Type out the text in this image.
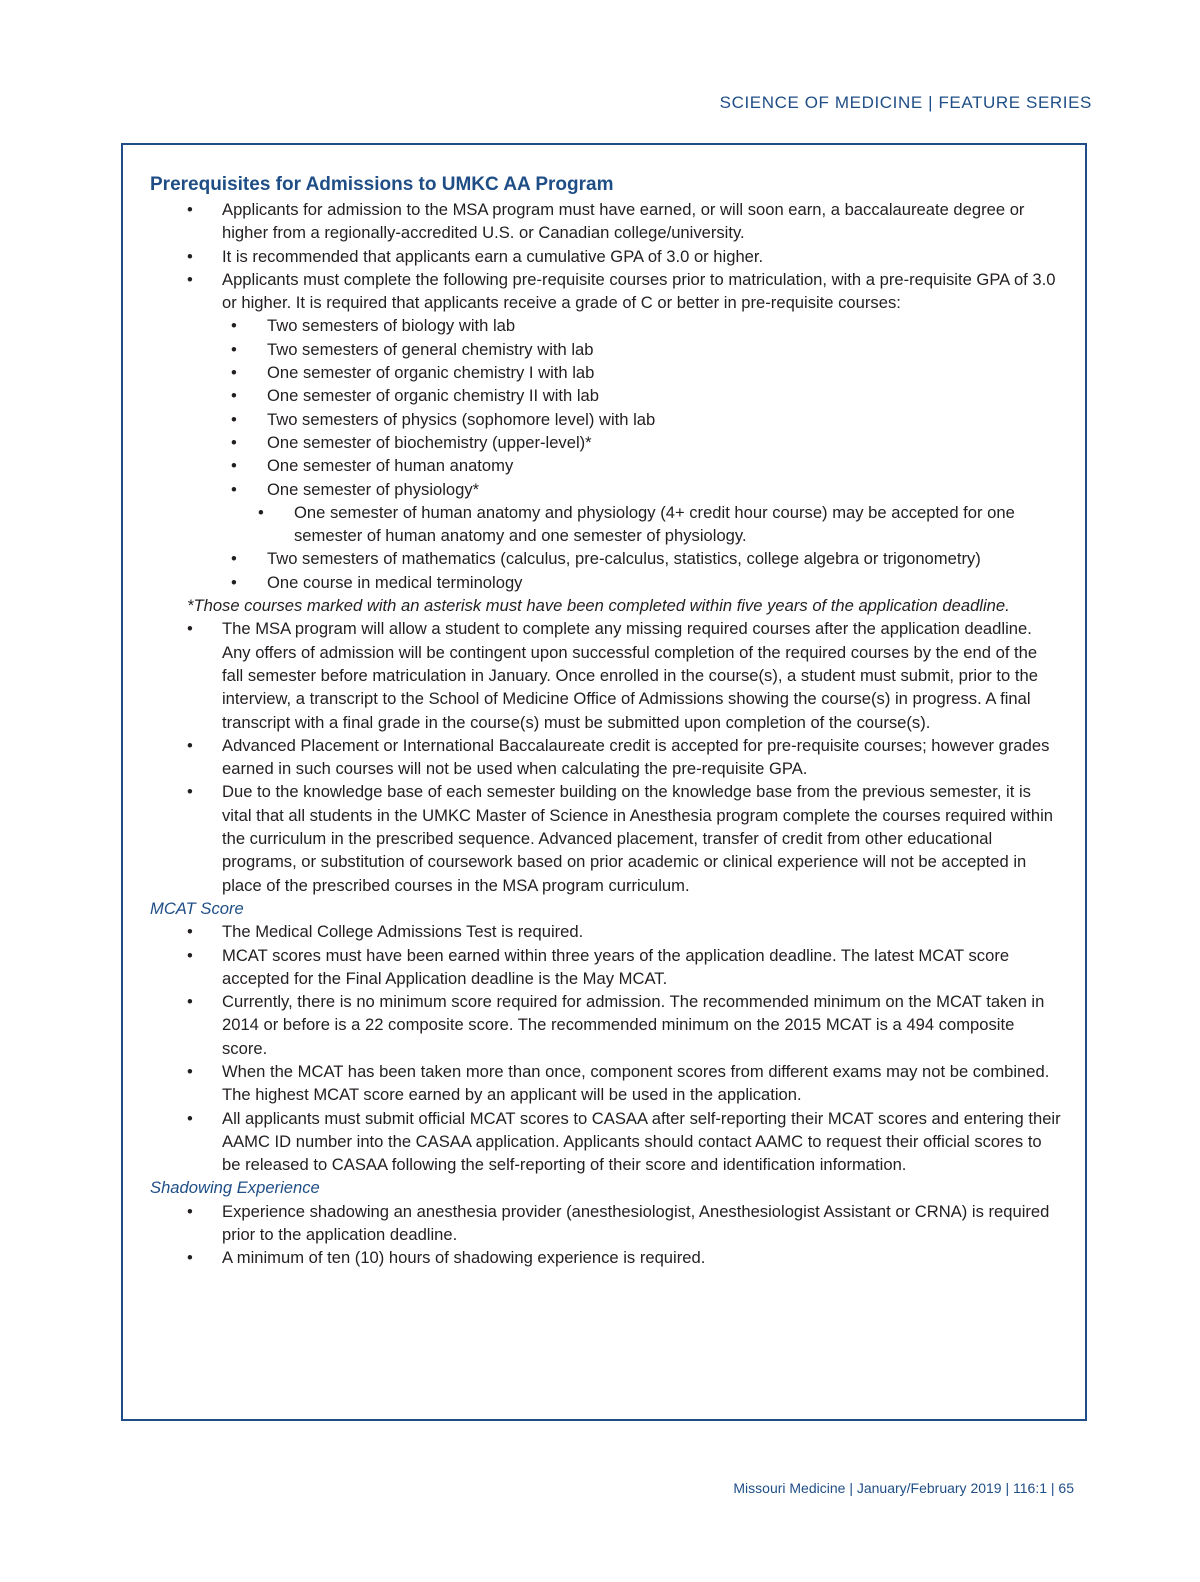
SCIENCE OF MEDICINE | FEATURE SERIES
Prerequisites for Admissions to UMKC AA Program
• Applicants for admission to the MSA program must have earned, or will soon earn, a baccalaureate degree or higher from a regionally-accredited U.S. or Canadian college/university.
• It is recommended that applicants earn a cumulative GPA of 3.0 or higher.
• Applicants must complete the following pre-requisite courses prior to matriculation, with a pre-requisite GPA of 3.0 or higher. It is required that applicants receive a grade of C or better in pre-requisite courses:
• Two semesters of biology with lab
• Two semesters of general chemistry with lab
• One semester of organic chemistry I with lab
• One semester of organic chemistry II with lab
• Two semesters of physics (sophomore level) with lab
• One semester of biochemistry (upper-level)*
• One semester of human anatomy
• One semester of physiology*
• One semester of human anatomy and physiology (4+ credit hour course) may be accepted for one semester of human anatomy and one semester of physiology.
• Two semesters of mathematics (calculus, pre-calculus, statistics, college algebra or trigonometry)
• One course in medical terminology

*Those courses marked with an asterisk must have been completed within five years of the application deadline.

• The MSA program will allow a student to complete any missing required courses after the application deadline. Any offers of admission will be contingent upon successful completion of the required courses by the end of the fall semester before matriculation in January. Once enrolled in the course(s), a student must submit, prior to the interview, a transcript to the School of Medicine Office of Admissions showing the course(s) in progress. A final transcript with a final grade in the course(s) must be submitted upon completion of the course(s).
• Advanced Placement or International Baccalaureate credit is accepted for pre-requisite courses; however grades earned in such courses will not be used when calculating the pre-requisite GPA.
• Due to the knowledge base of each semester building on the knowledge base from the previous semester, it is vital that all students in the UMKC Master of Science in Anesthesia program complete the courses required within the curriculum in the prescribed sequence. Advanced placement, transfer of credit from other educational programs, or substitution of coursework based on prior academic or clinical experience will not be accepted in place of the prescribed courses in the MSA program curriculum.

MCAT Score

• The Medical College Admissions Test is required.
• MCAT scores must have been earned within three years of the application deadline. The latest MCAT score accepted for the Final Application deadline is the May MCAT.
• Currently, there is no minimum score required for admission. The recommended minimum on the MCAT taken in 2014 or before is a 22 composite score. The recommended minimum on the 2015 MCAT is a 494 composite score.
• When the MCAT has been taken more than once, component scores from different exams may not be combined. The highest MCAT score earned by an applicant will be used in the application.
• All applicants must submit official MCAT scores to CASAA after self-reporting their MCAT scores and entering their AAMC ID number into the CASAA application. Applicants should contact AAMC to request their official scores to be released to CASAA following the self-reporting of their score and identification information.

Shadowing Experience

• Experience shadowing an anesthesia provider (anesthesiologist, Anesthesiologist Assistant or CRNA) is required prior to the application deadline.
• A minimum of ten (10) hours of shadowing experience is required.
Missouri Medicine | January/February 2019 | 116:1 | 65
